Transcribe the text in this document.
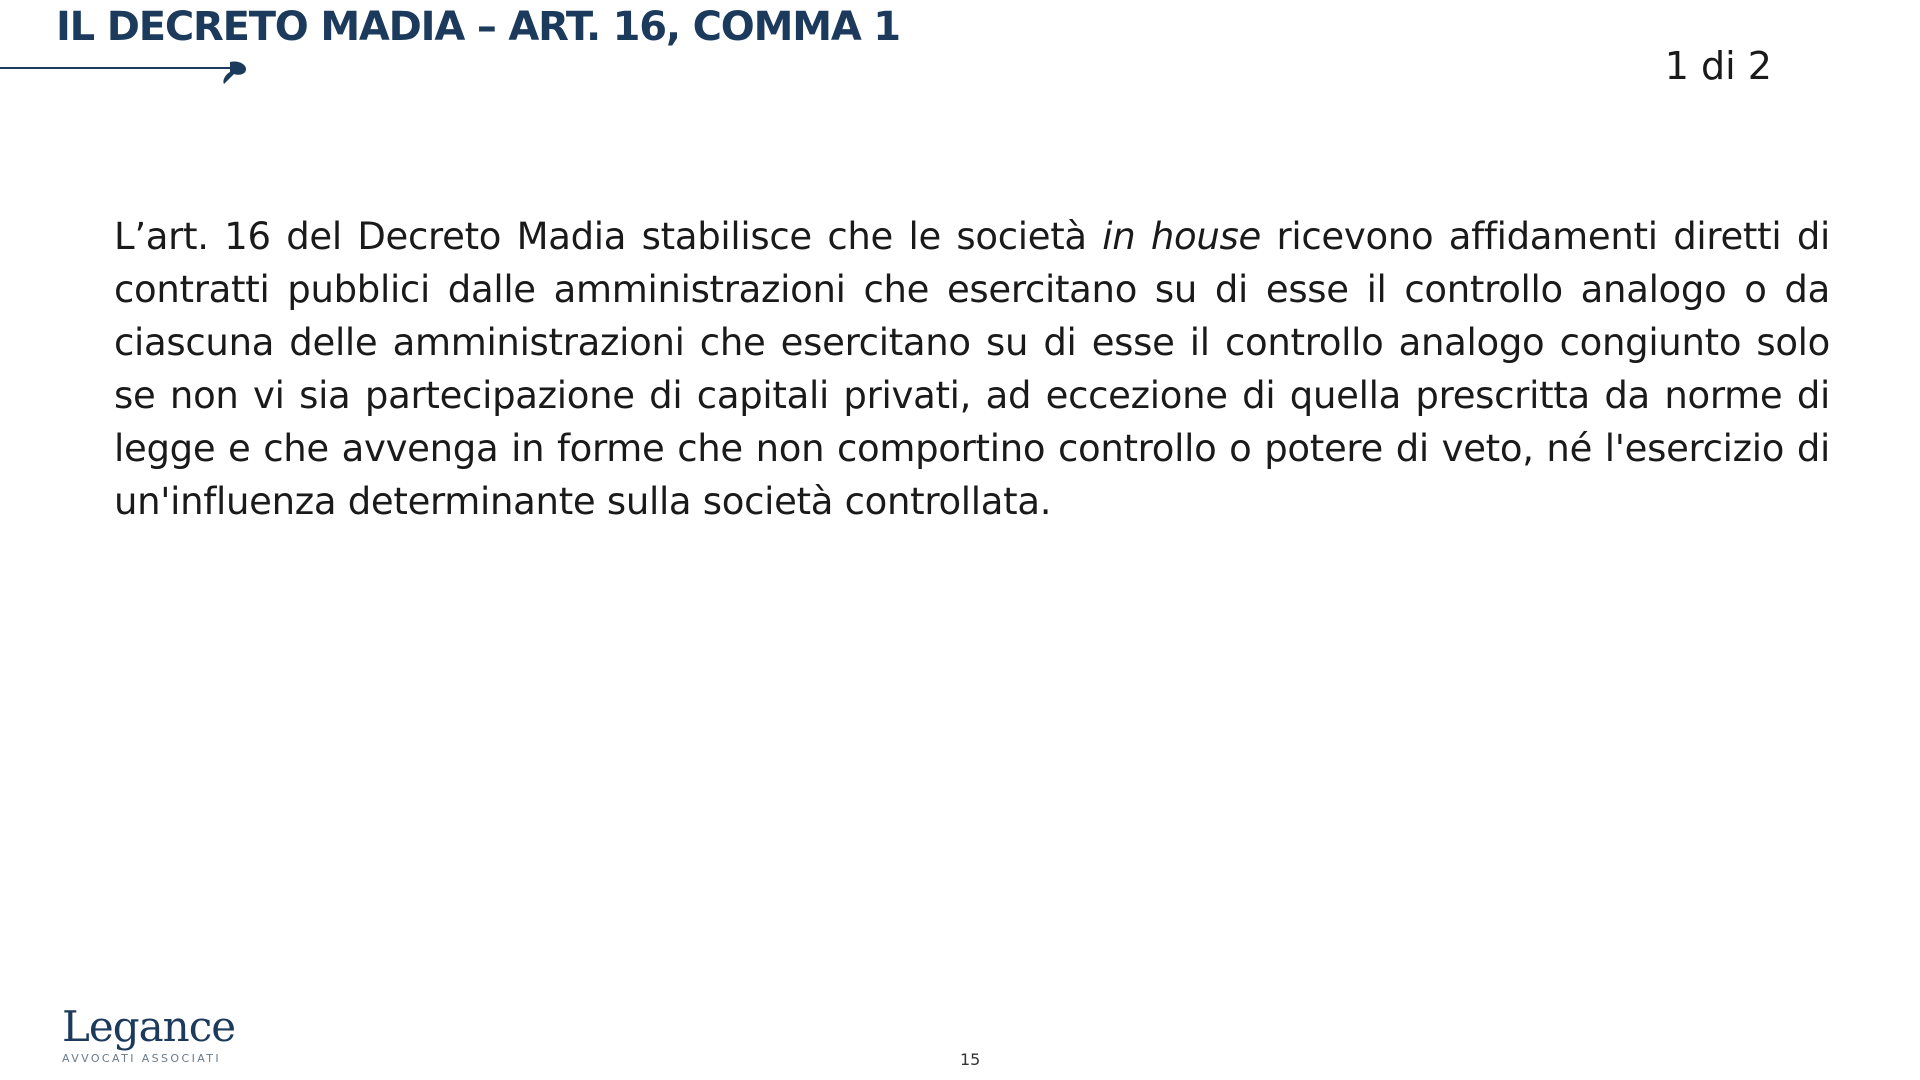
IL DECRETO MADIA – ART. 16, COMMA 1
1 di 2
L’art. 16 del Decreto Madia stabilisce che le società in house ricevono affidamenti diretti di contratti pubblici dalle amministrazioni che esercitano su di esse il controllo analogo o da ciascuna delle amministrazioni che esercitano su di esse il controllo analogo congiunto solo se non vi sia partecipazione di capitali privati, ad eccezione di quella prescritta da norme di legge e che avvenga in forme che non comportino controllo o potere di veto, né l'esercizio di un'influenza determinante sulla società controllata.
Legance
AVVOCATI ASSOCIATI	15
